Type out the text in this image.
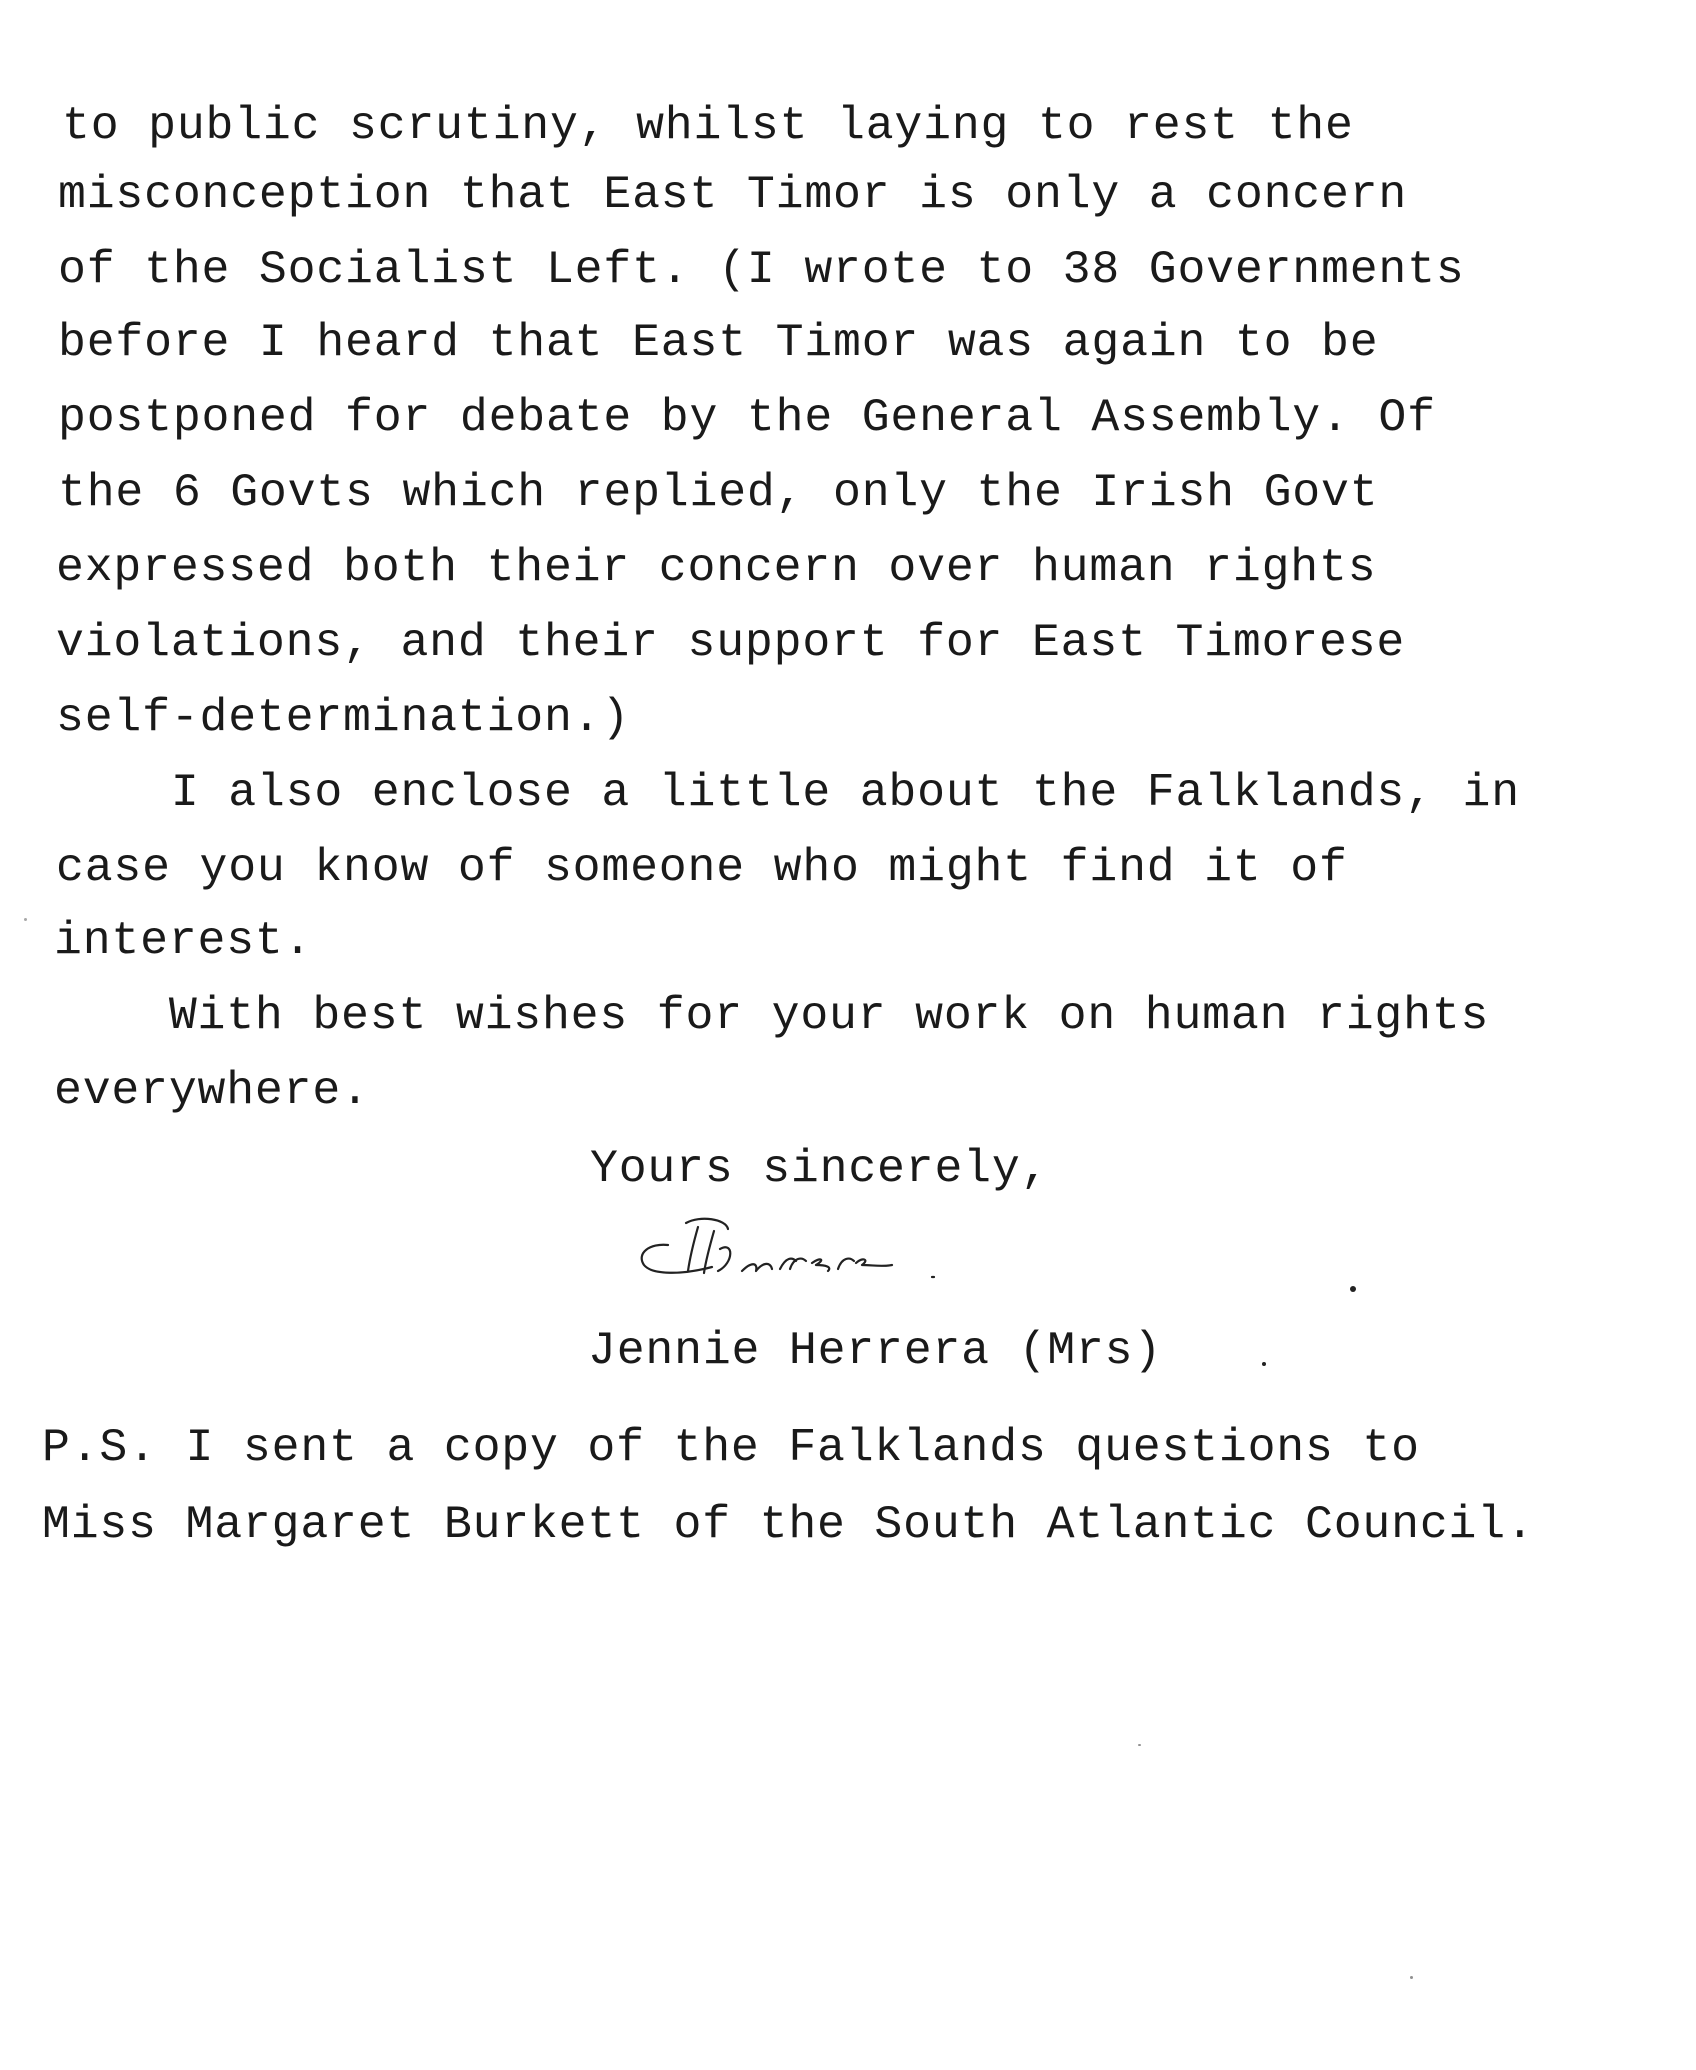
to public scrutiny, whilst laying to rest the
misconception that East Timor is only a concern
of the Socialist Left. (I wrote to 38 Governments
before I heard that East Timor was again to be
postponed for debate by the General Assembly. Of
the 6 Govts which replied, only the Irish Govt
expressed both their concern over human rights
violations, and their support for East Timorese
self-determination.)
I also enclose a little about the Falklands, in
case you know of someone who might find it of
interest.
With best wishes for your work on human rights
everywhere.
Yours sincerely,
Jennie Herrera (Mrs)
P.S. I sent a copy of the Falklands questions to
Miss Margaret Burkett of the South Atlantic Council.
